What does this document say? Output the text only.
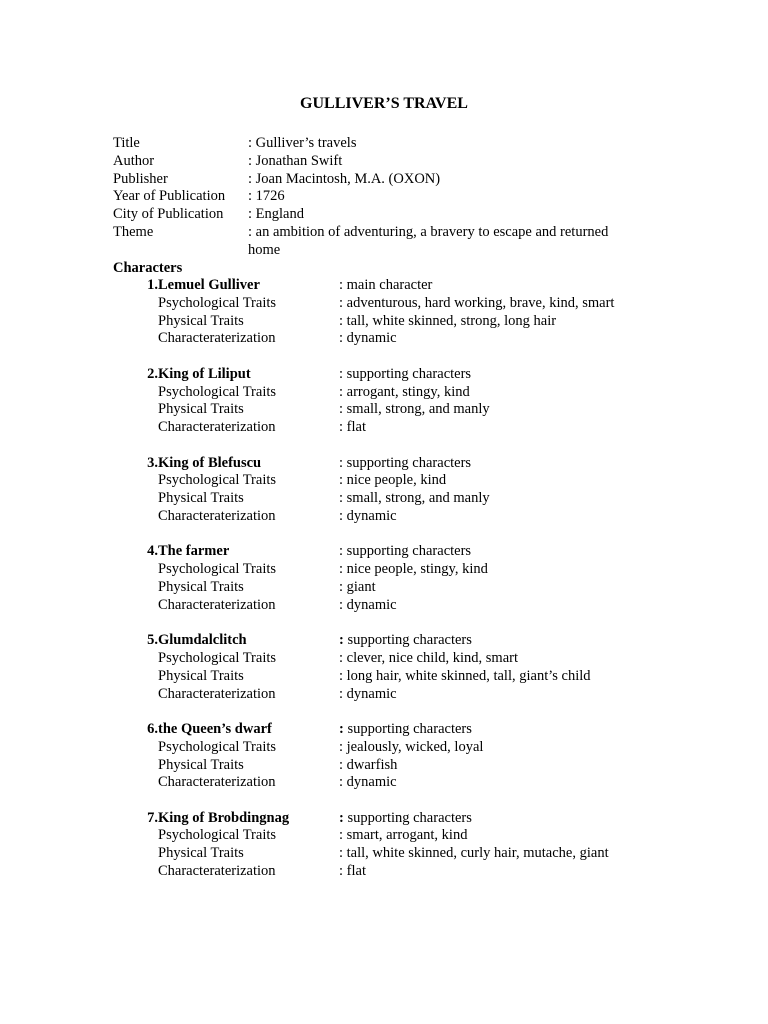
GULLIVER’S TRAVEL
Title	: Gulliver’s travels
Author	: Jonathan Swift
Publisher	: Joan Macintosh, M.A. (OXON)
Year of Publication	: 1726
City of Publication	: England
Theme	: an ambition of adventuring, a bravery to escape and returned
home
Characters
1. Lemuel Gulliver	: main character
Psychological Traits	: adventurous, hard working, brave, kind, smart
Physical Traits	: tall, white skinned, strong, long hair
Characteraterization	: dynamic
2. King of Liliput	: supporting characters
Psychological Traits	: arrogant, stingy, kind
Physical Traits	: small, strong, and manly
Characteraterization	: flat
3. King of Blefuscu	: supporting characters
Psychological Traits	: nice people, kind
Physical Traits	: small, strong, and manly
Characteraterization	: dynamic
4. The farmer	: supporting characters
Psychological Traits	: nice people, stingy, kind
Physical Traits	: giant
Characteraterization	: dynamic
5. Glumdalclitch	: supporting characters
Psychological Traits	: clever, nice child, kind, smart
Physical Traits	: long hair, white skinned, tall, giant’s child
Characteraterization	: dynamic
6. the Queen’s dwarf	: supporting characters
Psychological Traits	: jealously, wicked, loyal
Physical Traits	: dwarfish
Characteraterization	: dynamic
7. King of Brobdingnag	: supporting characters
Psychological Traits	: smart, arrogant, kind
Physical Traits	: tall, white skinned, curly hair, mutache, giant
Characteraterization	: flat
